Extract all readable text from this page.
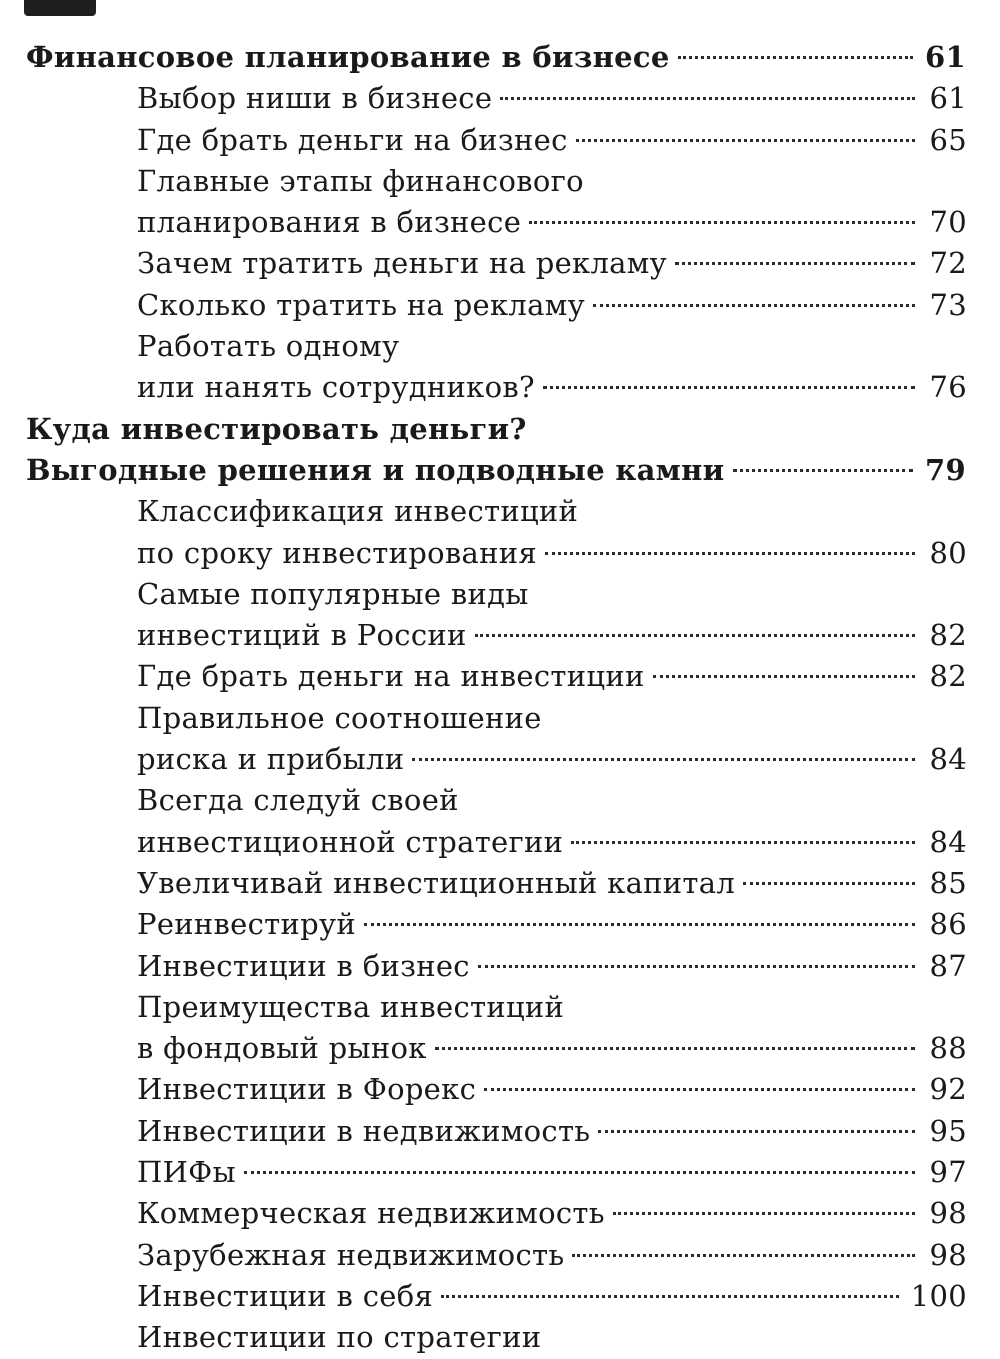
Финансовое планирование в бизнесе	61
Выбор ниши в бизнесе	61
Где брать деньги на бизнес	65
Главные этапы финансового
планирования в бизнесе	70
Зачем тратить деньги на рекламу	72
Сколько тратить на рекламу	73
Работать одному
или нанять сотрудников?	76
Куда инвестировать деньги?
Выгодные решения и подводные камни	79
Классификация инвестиций
по сроку инвестирования	80
Самые популярные виды
инвестиций в России	82
Где брать деньги на инвестиции	82
Правильное соотношение
риска и прибыли	84
Всегда следуй своей
инвестиционной стратегии	84
Увеличивай инвестиционный капитал	85
Реинвестируй	86
Инвестиции в бизнес	87
Преимущества инвестиций
в фондовый рынок	88
Инвестиции в Форекс	92
Инвестиции в недвижимость	95
ПИФы	97
Коммерческая недвижимость	98
Зарубежная недвижимость	98
Инвестиции в себя	100
Инвестиции по стратегии
